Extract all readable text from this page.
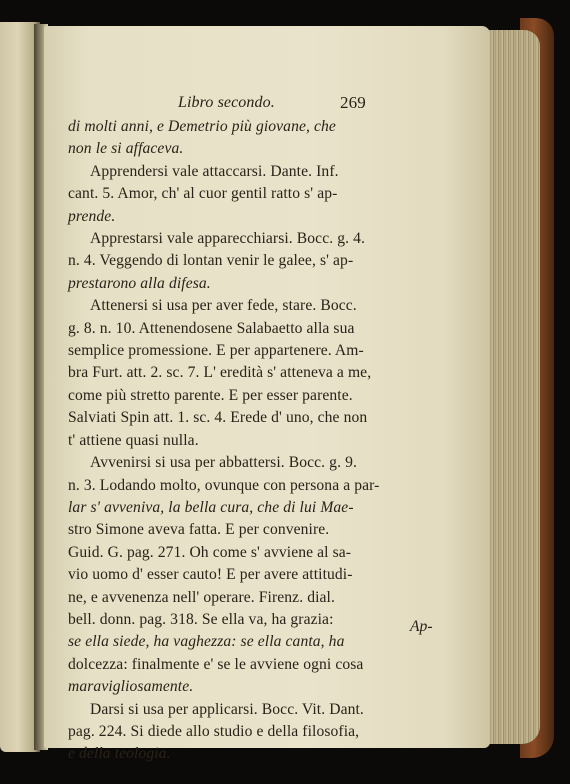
Libro secondo.	269
di molti anni, e Demetrio più giovane, che
non le si affaceva.
Apprendersi vale attaccarsi. Dante. Inf.
cant. 5. Amor, ch' al cuor gentil ratto s' ap-
prende.
Apprestarsi vale apparecchiarsi. Bocc. g. 4.
n. 4. Veggendo di lontan venir le galee, s' ap-
prestarono alla difesa.
Attenersi si usa per aver fede, stare. Bocc.
g. 8. n. 10. Attenendosene Salabaetto alla sua
semplice promessione. E per appartenere. Am-
bra Furt. att. 2. sc. 7. L' eredità s' atteneva a me,
come più stretto parente. E per esser parente.
Salviati Spin att. 1. sc. 4. Erede d' uno, che non
t' attiene quasi nulla.
Avvenirsi si usa per abbattersi. Bocc. g. 9.
n. 3. Lodando molto, ovunque con persona a par-
lar s' avveniva, la bella cura, che di lui Mae-
stro Simone aveva fatta. E per convenire.
Guid. G. pag. 271. Oh come s' avviene al sa-
vio uomo d' esser cauto! E per avere attitudi-
ne, e avvenenza nell' operare. Firenz. dial.
bell. donn. pag. 318. Se ella va, ha grazia:
se ella siede, ha vaghezza: se ella canta, ha
dolcezza: finalmente e' se le avviene ogni cosa
maravigliosamente.
Darsi si usa per applicarsi. Bocc. Vit. Dant.
pag. 224. Si diede allo studio e della filosofia,
e della teologia.
Ap-
